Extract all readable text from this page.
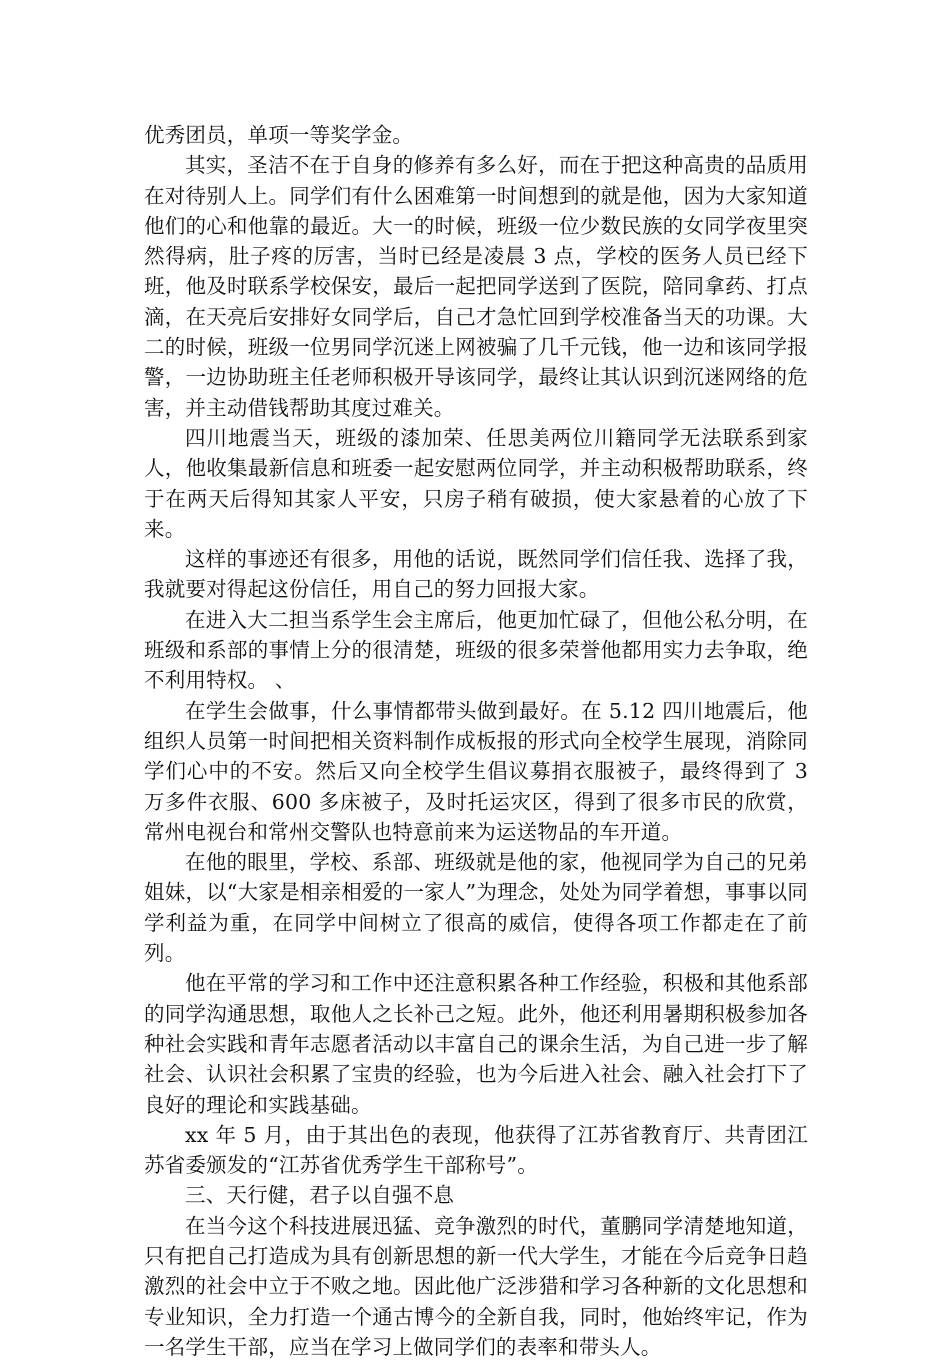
优秀团员，单项一等奖学金。

其实，圣洁不在于自身的修养有多么好，而在于把这种高贵的品质用在对待别人上。同学们有什么困难第一时间想到的就是他，因为大家知道他们的心和他靠的最近。大一的时候，班级一位少数民族的女同学夜里突然得病，肚子疼的厉害，当时已经是凌晨 3 点，学校的医务人员已经下班，他及时联系学校保安，最后一起把同学送到了医院，陪同拿药、打点滴，在天亮后安排好女同学后，自己才急忙回到学校准备当天的功课。大二的时候，班级一位男同学沉迷上网被骗了几千元钱，他一边和该同学报警，一边协助班主任老师积极开导该同学，最终让其认识到沉迷网络的危害，并主动借钱帮助其度过难关。

四川地震当天，班级的漆加荣、任思美两位川籍同学无法联系到家人，他收集最新信息和班委一起安慰两位同学，并主动积极帮助联系，终于在两天后得知其家人平安，只房子稍有破损，使大家悬着的心放了下来。

这样的事迹还有很多，用他的话说，既然同学们信任我、选择了我，我就要对得起这份信任，用自己的努力回报大家。

在进入大二担当系学生会主席后，他更加忙碌了，但他公私分明，在班级和系部的事情上分的很清楚，班级的很多荣誉他都用实力去争取，绝不利用特权。 、

在学生会做事，什么事情都带头做到最好。在 5.12 四川地震后，他组织人员第一时间把相关资料制作成板报的形式向全校学生展现，消除同学们心中的不安。然后又向全校学生倡议募捐衣服被子，最终得到了 3 万多件衣服、600 多床被子，及时托运灾区，得到了很多市民的欣赏，常州电视台和常州交警队也特意前来为运送物品的车开道。

在他的眼里，学校、系部、班级就是他的家，他视同学为自己的兄弟姐妹，以“大家是相亲相爱的一家人”为理念，处处为同学着想，事事以同学利益为重，在同学中间树立了很高的威信，使得各项工作都走在了前列。

他在平常的学习和工作中还注意积累各种工作经验，积极和其他系部的同学沟通思想，取他人之长补己之短。此外，他还利用暑期积极参加各种社会实践和青年志愿者活动以丰富自己的课余生活，为自己进一步了解社会、认识社会积累了宝贵的经验，也为今后进入社会、融入社会打下了良好的理论和实践基础。

xx 年 5 月，由于其出色的表现，他获得了江苏省教育厅、共青团江苏省委颁发的“江苏省优秀学生干部称号”。

三、天行健，君子以自强不息

在当今这个科技进展迅猛、竞争激烈的时代，董鹏同学清楚地知道，只有把自己打造成为具有创新思想的新一代大学生，才能在今后竞争日趋激烈的社会中立于不败之地。因此他广泛涉猎和学习各种新的文化思想和专业知识，全力打造一个通古博今的全新自我，同时，他始终牢记，作为一名学生干部，应当在学习上做同学们的表率和带头人。
